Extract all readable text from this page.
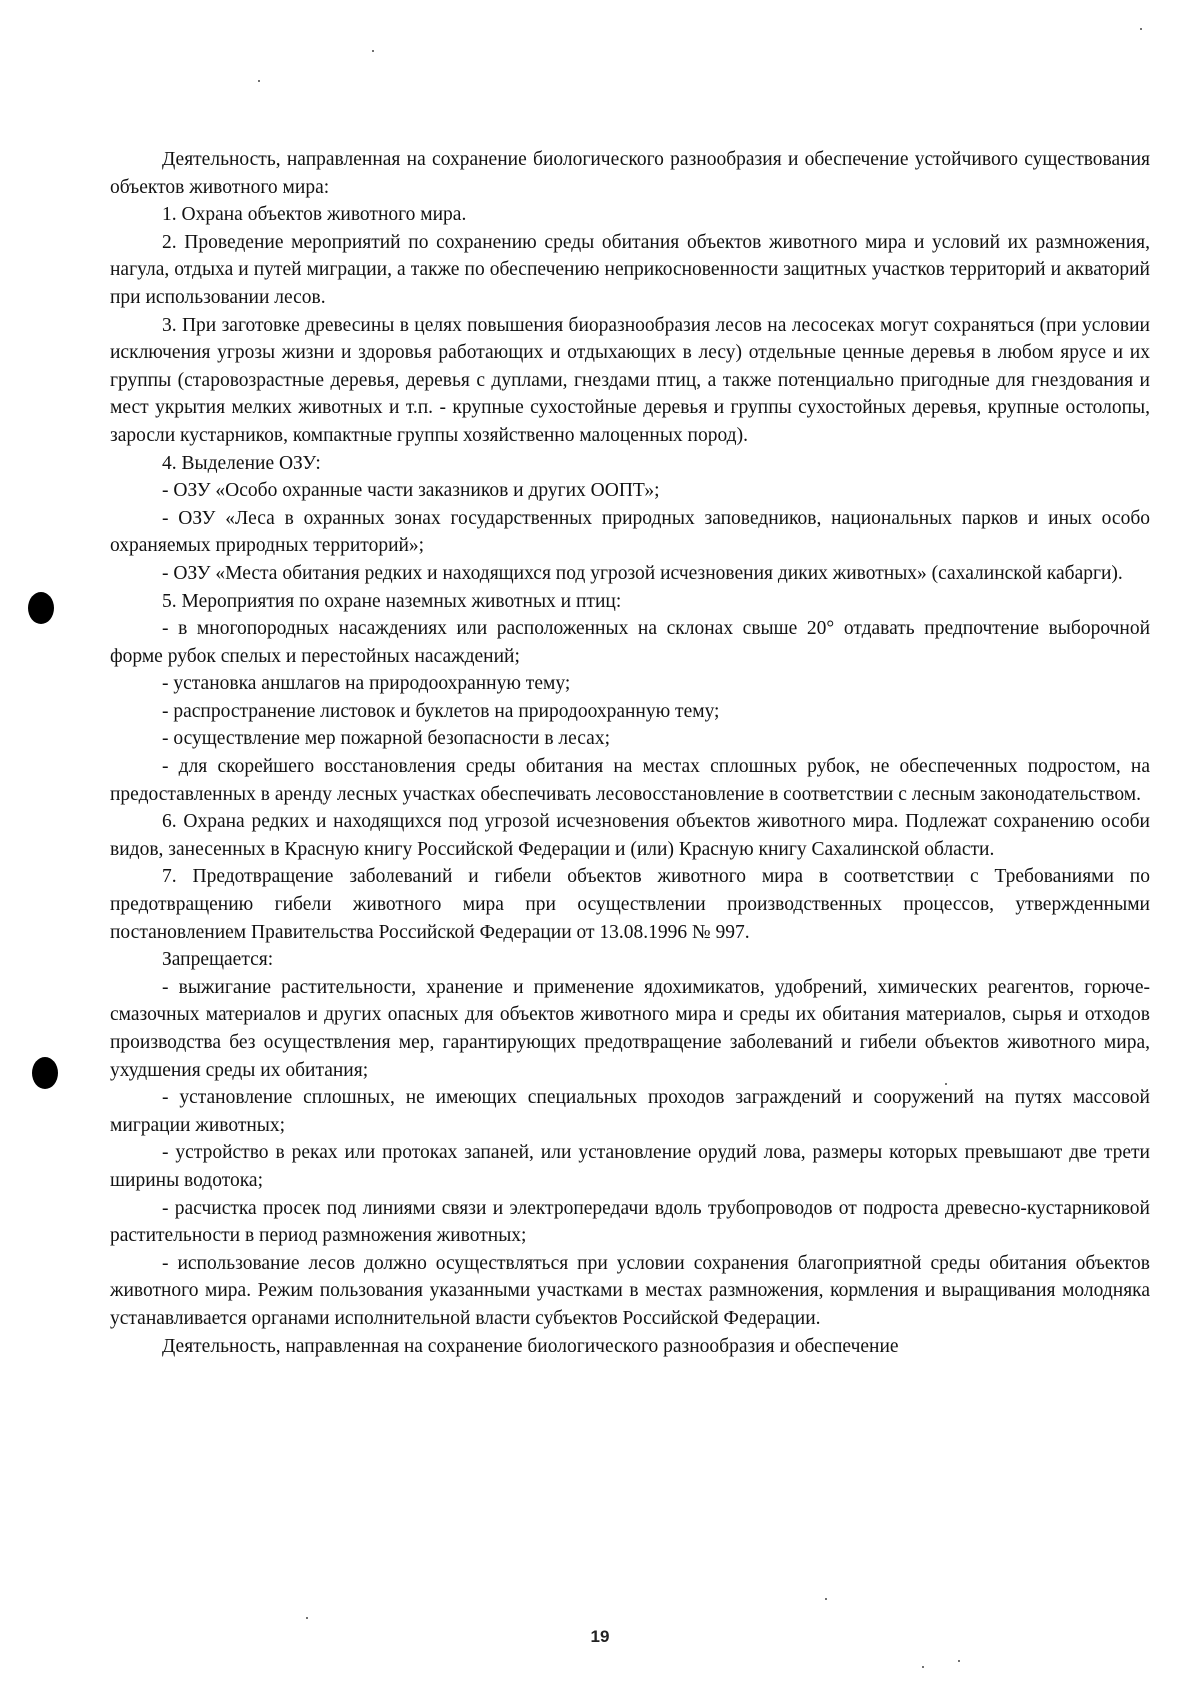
Деятельность, направленная на сохранение биологического разнообразия и обеспечение устойчивого существования объектов животного мира:

1. Охрана объектов животного мира.

2. Проведение мероприятий по сохранению среды обитания объектов животного мира и условий их размножения, нагула, отдыха и путей миграции, а также по обеспечению неприкосновенности защитных участков территорий и акваторий при использовании лесов.

3. При заготовке древесины в целях повышения биоразнообразия лесов на лесосеках могут сохраняться (при условии исключения угрозы жизни и здоровья работающих и отдыхающих в лесу) отдельные ценные деревья в любом ярусе и их группы (старовозрастные деревья, деревья с дуплами, гнездами птиц, а также потенциально пригодные для гнездования и мест укрытия мелких животных и т.п. - крупные сухостойные деревья и группы сухостойных деревья, крупные остолопы, заросли кустарников, компактные группы хозяйственно малоценных пород).

4. Выделение ОЗУ:

- ОЗУ «Особо охранные части заказников и других ООПТ»;

- ОЗУ «Леса в охранных зонах государственных природных заповедников, национальных парков и иных особо охраняемых природных территорий»;

- ОЗУ «Места обитания редких и находящихся под угрозой исчезновения диких животных» (сахалинской кабарги).

5. Мероприятия по охране наземных животных и птиц:

- в многопородных насаждениях или расположенных на склонах свыше 20° отдавать предпочтение выборочной форме рубок спелых и перестойных насаждений;

- установка аншлагов на природоохранную тему;

- распространение листовок и буклетов на природоохранную тему;

- осуществление мер пожарной безопасности в лесах;

- для скорейшего восстановления среды обитания на местах сплошных рубок, не обеспеченных подростом, на предоставленных в аренду лесных участках обеспечивать лесовосстановление в соответствии с лесным законодательством.

6. Охрана редких и находящихся под угрозой исчезновения объектов животного мира. Подлежат сохранению особи видов, занесенных в Красную книгу Российской Федерации и (или) Красную книгу Сахалинской области.

7. Предотвращение заболеваний и гибели объектов животного мира в соответствии с Требованиями по предотвращению гибели животного мира при осуществлении производственных процессов, утвержденными постановлением Правительства Российской Федерации от 13.08.1996 № 997.

Запрещается:

- выжигание растительности, хранение и применение ядохимикатов, удобрений, химических реагентов, горюче-смазочных материалов и других опасных для объектов животного мира и среды их обитания материалов, сырья и отходов производства без осуществления мер, гарантирующих предотвращение заболеваний и гибели объектов животного мира, ухудшения среды их обитания;

- установление сплошных, не имеющих специальных проходов заграждений и сооружений на путях массовой миграции животных;

- устройство в реках или протоках запаней, или установление орудий лова, размеры которых превышают две трети ширины водотока;

- расчистка просек под линиями связи и электропередачи вдоль трубопроводов от подроста древесно-кустарниковой растительности в период размножения животных;

- использование лесов должно осуществляться при условии сохранения благоприятной среды обитания объектов животного мира. Режим пользования указанными участками в местах размножения, кормления и выращивания молодняка устанавливается органами исполнительной власти субъектов Российской Федерации.

Деятельность, направленная на сохранение биологического разнообразия и обеспечение

19
